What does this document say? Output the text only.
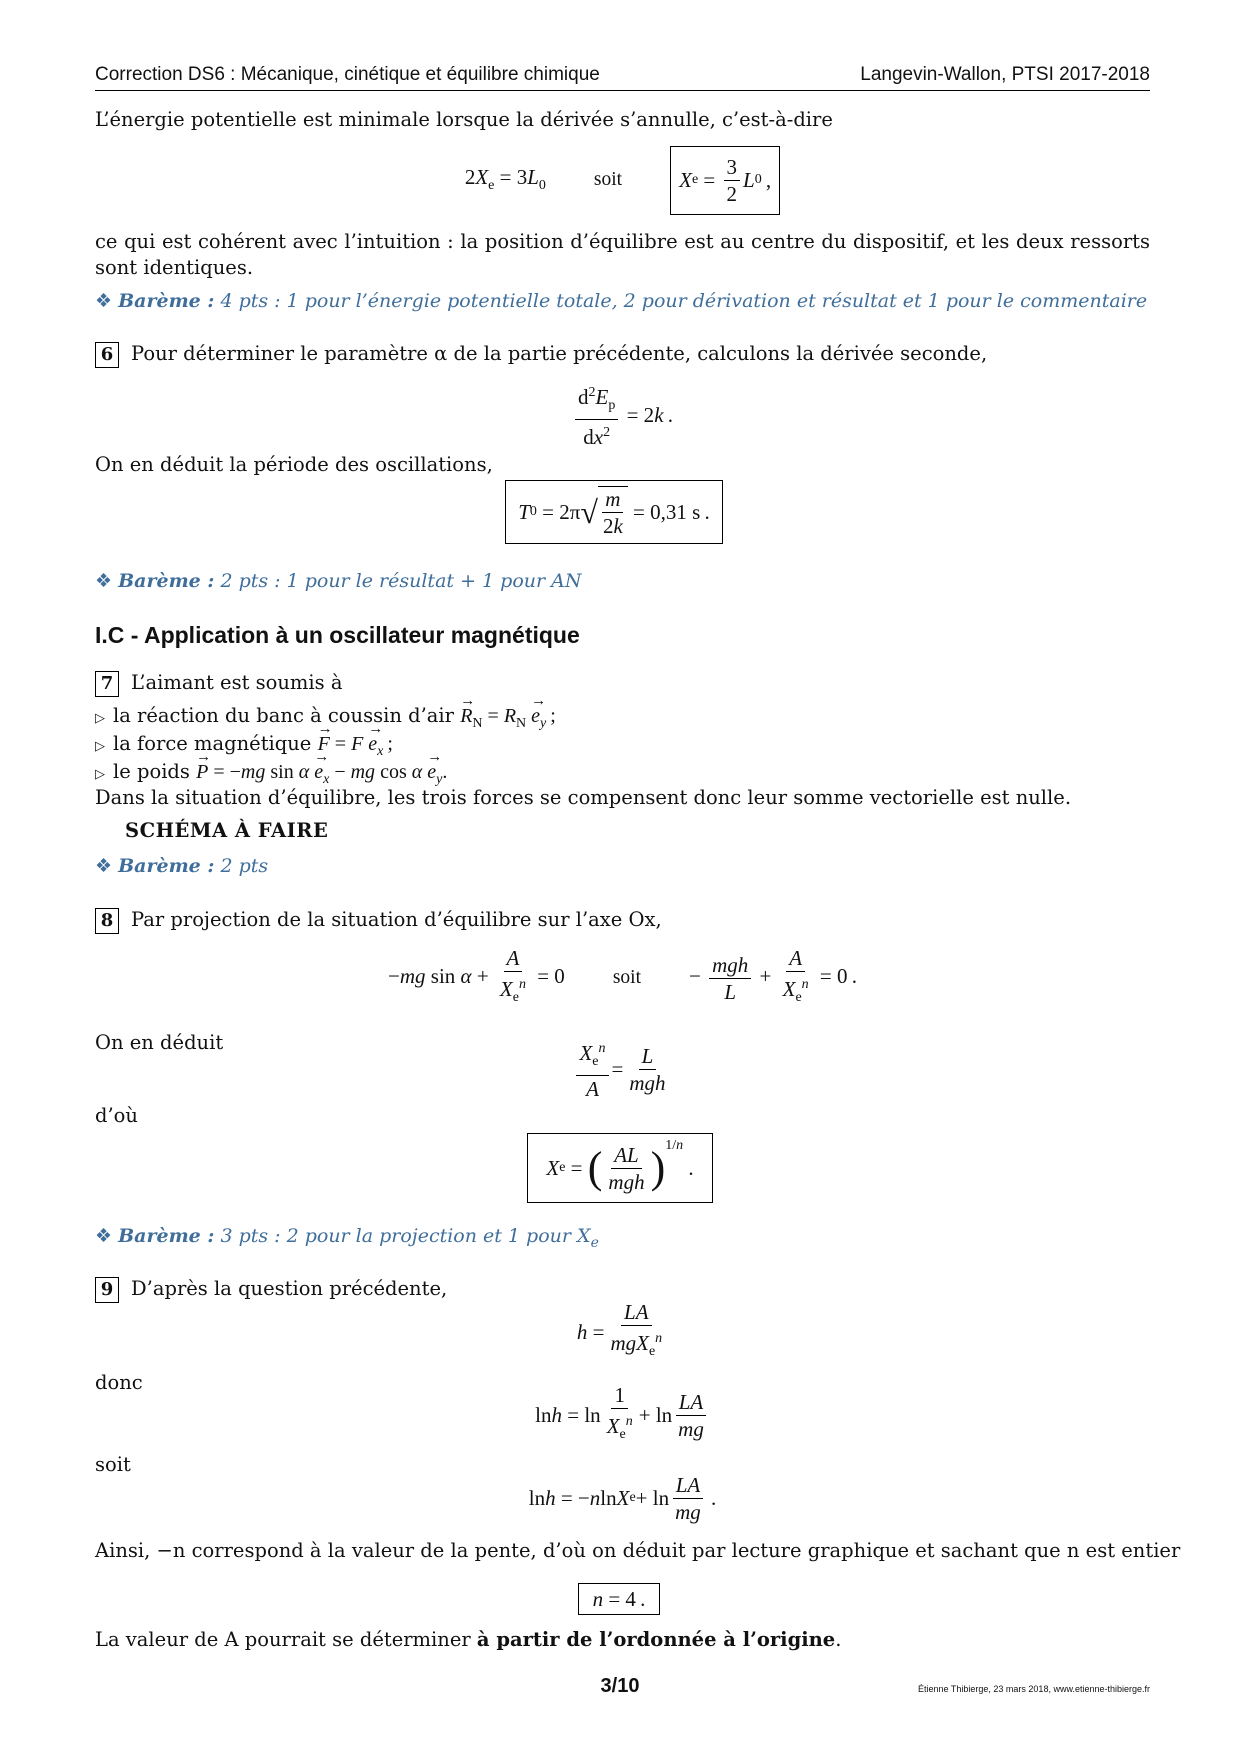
Correction DS6 : Mécanique, cinétique et équilibre chimique	Langevin-Wallon, PTSI 2017-2018
L’énergie potentielle est minimale lorsque la dérivée s’annulle, c’est-à-dire
$2X_e = 3L_0$ soit	X $e = \frac{3}{2}$ L 0  ,
ce qui est cohérent avec l’intuition : la position d’équilibre est au centre du dispositif, et les deux ressorts sont identiques.
❖ Barème : 4 pts : 1 pour l’énergie potentielle totale, 2 pour dérivation et résultat et 1 pour le commentaire
6 Pour déterminer le paramètre α de la partie précédente, calculons la dérivée seconde,
$\frac{d^2E_p}{dx^2} = 2$ k  .
On en déduit la période des oscillations,
T 0 = 2π √ $\frac{m}{2k} = 0,31$ s  .
❖ Barème : 2 pts : 1 pour le résultat + 1 pour AN
I.C - Application à un oscillateur magnétique
7 L’aimant est soumis à
▷ la réaction du banc à coussin d’air → $R_N = R_N \to e_y$ ;
▷ la force magnétique → $F = F \to e_x$ ;
▷ le poids → P = −mg $\sin \alpha \to e_x$ − mg $\cos \alpha \to e_y$.
Dans la situation d’équilibre, les trois forces se compensent donc leur somme vectorielle est nulle.
SCHÉMA À FAIRE
❖ Barème : 2 pts
8 Par projection de la situation d’équilibre sur l’axe Ox,
−mg $\sin \alpha + \frac{A}{X_e^n} = 0$ soit − $\frac{\text{mgh}}{L} + \frac{A}{X_e^n} = 0$ .
On en déduit	$\frac{X_e^n}{A} = \frac{L}{\text{mgh}}$
d’où
X e = ( $\frac{AL}{\text{mgh}} )^{1/n}$
.
❖ Barème : 3 pts : 2 pour la projection et 1 pour $X_e$
9 D’après la question précédente,
$h = \frac{LA}{mgX_e^n}$
donc
$\ln h = \ln \frac{1}{X_e^n} + \ln \frac{LA}{mg}$
soit
ln h = − n ln X $e + \ln \frac{LA}{mg}$  .
Ainsi, −n correspond à la valeur de la pente, d’où on déduit par lecture graphique et sachant que n est entier
n = 4 .
La valeur de A pourrait se déterminer à partir de l’ordonnée à l’origine.
3/10	Étienne Thibierge, 23 mars 2018, www.etienne-thibierge.fr
